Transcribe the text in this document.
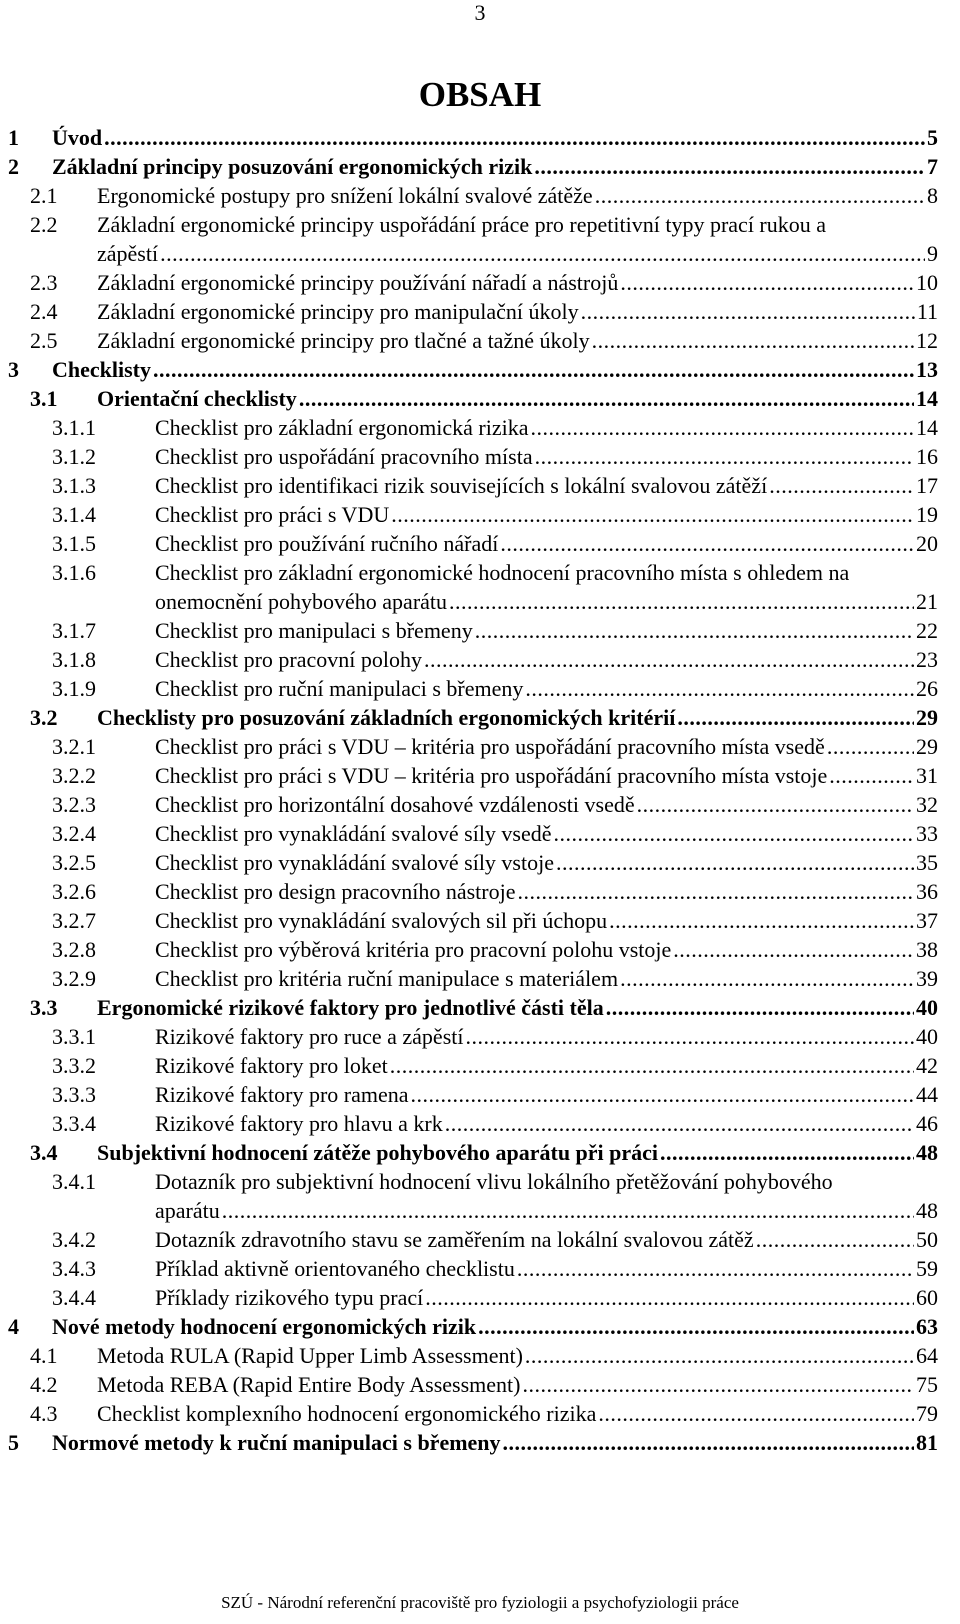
3
OBSAH
1 Úvod .....	5
2 Základní principy posuzování ergonomických rizik .....	7
2.1 Ergonomické postupy pro snížení lokální svalové zátěže .....	8
2.2 Základní ergonomické principy uspořádání práce pro repetitivní typy prací rukou a
zápěstí .....	9
2.3 Základní ergonomické principy používání nářadí a nástrojů .....	10
2.4 Základní ergonomické principy pro manipulační úkoly .....	11
2.5 Základní ergonomické principy pro tlačné a tažné úkoly .....	12
3 Checklisty .....	13
3.1 Orientační checklisty .....	14
3.1.1	Checklist pro základní ergonomická rizika .....	14
3.1.2	Checklist pro uspořádání pracovního místa .....	16
3.1.3	Checklist pro identifikaci rizik souvisejících s lokální svalovou zátěží .....	17
3.1.4	Checklist pro práci s VDU .....	19
3.1.5	Checklist pro používání ručního nářadí .....	20
3.1.6	Checklist pro základní ergonomické hodnocení pracovního místa s ohledem na
onemocnění pohybového aparátu .....	21
3.1.7	Checklist pro manipulaci s břemeny .....	22
3.1.8	Checklist pro pracovní polohy .....	23
3.1.9	Checklist pro ruční manipulaci s břemeny .....	26
3.2 Checklisty pro posuzování základních ergonomických kritérií .....	29
3.2.1	Checklist pro práci s VDU – kritéria pro uspořádání pracovního místa vsedě .....	29
3.2.2	Checklist pro práci s VDU – kritéria pro uspořádání pracovního místa vstoje .....	31
3.2.3	Checklist pro horizontální dosahové vzdálenosti vsedě .....	32
3.2.4	Checklist pro vynakládání svalové síly vsedě .....	33
3.2.5	Checklist pro vynakládání svalové síly vstoje .....	35
3.2.6	Checklist pro design pracovního nástroje .....	36
3.2.7	Checklist pro vynakládání svalových sil při úchopu .....	37
3.2.8	Checklist pro výběrová kritéria pro pracovní polohu vstoje .....	38
3.2.9	Checklist pro kritéria ruční manipulace s materiálem .....	39
3.3 Ergonomické rizikové faktory pro jednotlivé části těla .....	40
3.3.1	Rizikové faktory pro ruce a zápěstí .....	40
3.3.2	Rizikové faktory pro loket .....	42
3.3.3	Rizikové faktory pro ramena .....	44
3.3.4	Rizikové faktory pro hlavu a krk .....	46
3.4 Subjektivní hodnocení zátěže pohybového aparátu při práci .....	48
3.4.1	Dotazník pro subjektivní hodnocení vlivu lokálního přetěžování pohybového
aparátu .....	48
3.4.2	Dotazník zdravotního stavu se zaměřením na lokální svalovou zátěž .....	50
3.4.3	Příklad aktivně orientovaného checklistu .....	59
3.4.4	Příklady rizikového typu prací .....	60
4 Nové metody hodnocení ergonomických rizik .....	63
4.1 Metoda RULA (Rapid Upper Limb Assessment) .....	64
4.2 Metoda REBA (Rapid Entire Body Assessment) .....	75
4.3 Checklist komplexního hodnocení ergonomického rizika .....	79
5 Normové metody k ruční manipulaci s břemeny .....	81
SZÚ - Národní referenční pracoviště pro fyziologii a psychofyziologii práce
